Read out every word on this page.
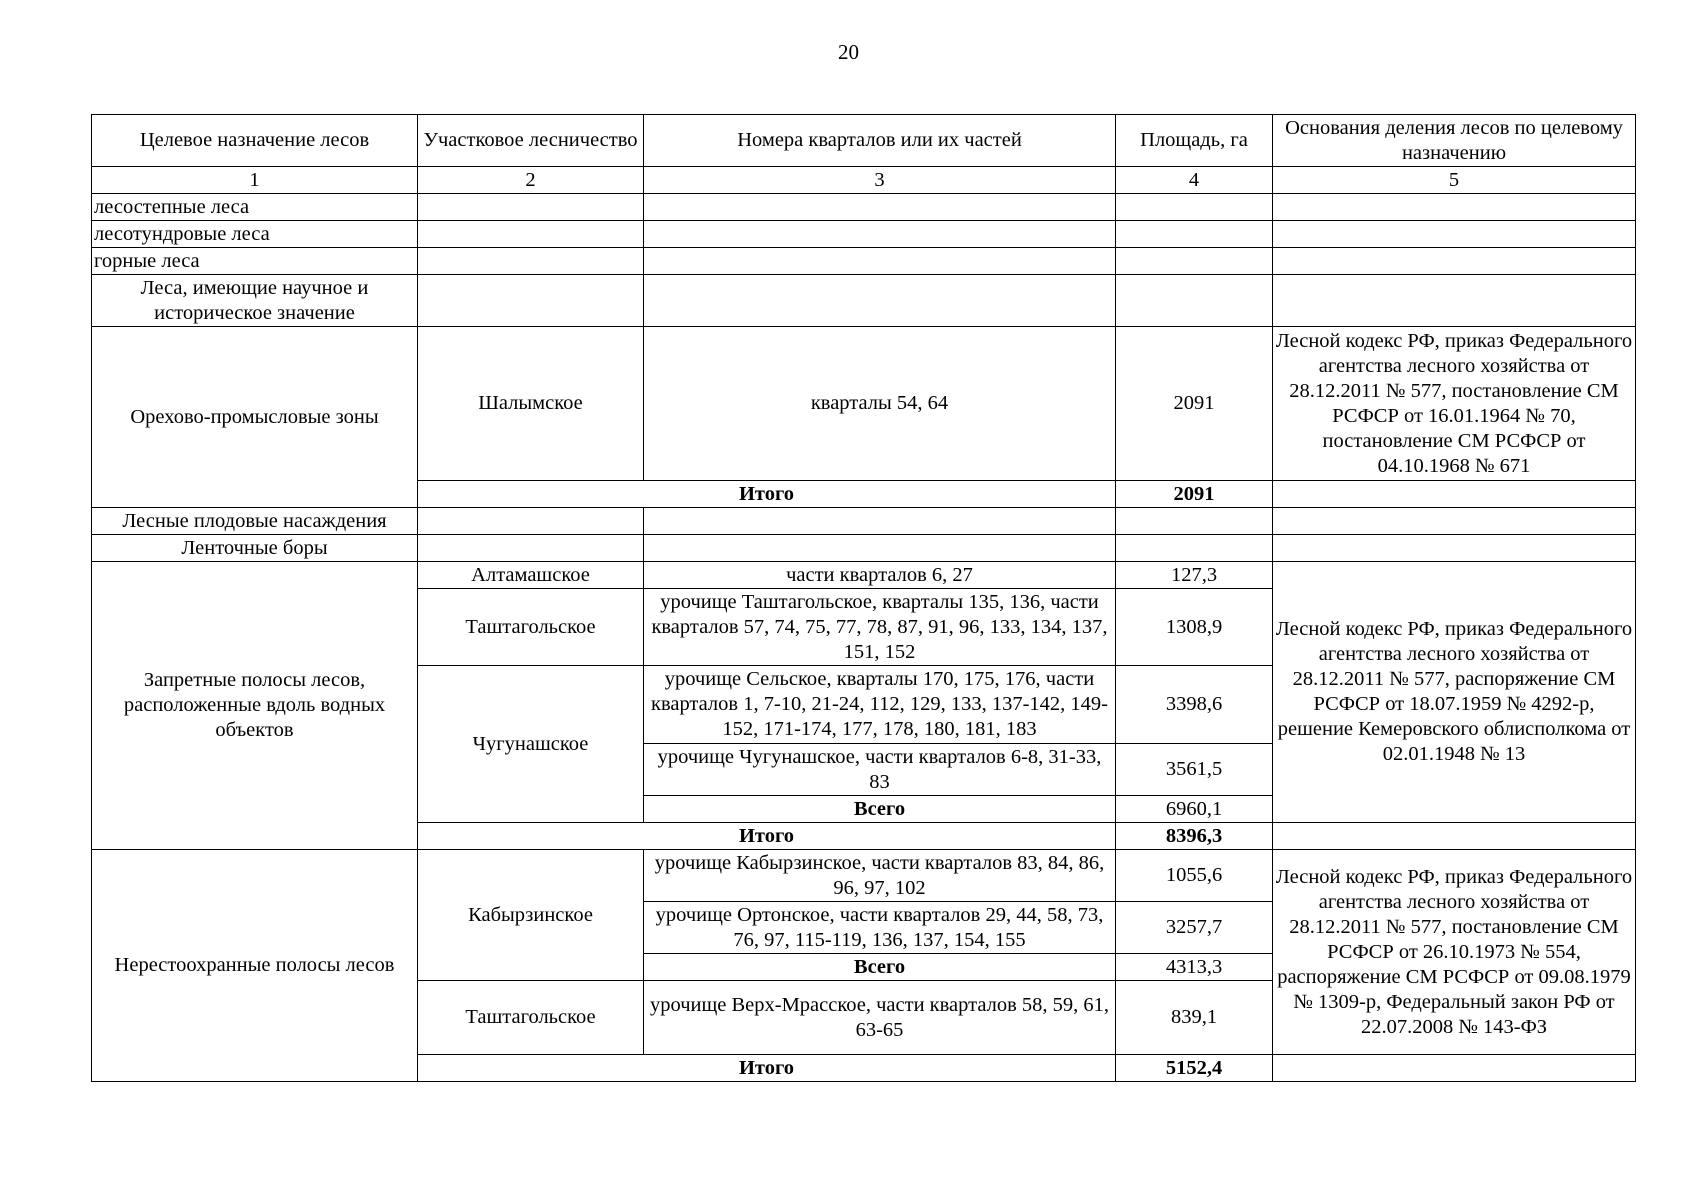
20
Целевое назначение лесов	Участковое лесничество	Номера кварталов или их частей	Площадь, га	Основания деления лесов по целевому назначению
1	2	3	4	5
лесостепные леса				
лесотундровые леса				
горные леса				
Леса, имеющие научное и историческое значение				
Орехово-промысловые зоны	Шалымское	кварталы 54, 64	2091	Лесной кодекс РФ, приказ Федерального агентства лесного хозяйства от 28.12.2011 № 577, постановление СМ РСФСР от 16.01.1964 № 70, постановление СМ РСФСР от 04.10.1968 № 671
	Итого		2091	
Лесные плодовые насаждения				
Ленточные боры				
Запретные полосы лесов, расположенные вдоль водных объектов	Алтамашское	части кварталов 6, 27	127,3	Лесной кодекс РФ, приказ Федерального агентства лесного хозяйства от 28.12.2011 № 577, распоряжение СМ РСФСР от 18.07.1959 № 4292-р, решение Кемеровского облисполкома от 02.01.1948 № 13
	Таштагольское	урочище Таштагольское, кварталы 135, 136, части кварталов 57, 74, 75, 77, 78, 87, 91, 96, 133, 134, 137, 151, 152	1308,9	
	Чугунашское	урочище Сельское, кварталы 170, 175, 176, части кварталов 1, 7-10, 21-24, 112, 129, 133, 137-142, 149-152, 171-174, 177, 178, 180, 181, 183	3398,6	
		урочище Чугунашское, части кварталов 6-8, 31-33, 83	3561,5	
		Всего	6960,1	
	Итого		8396,3	
Нерестоохранные полосы лесов	Кабырзинское	урочище Кабырзинское, части кварталов 83, 84, 86, 96, 97, 102	1055,6	Лесной кодекс РФ, приказ Федерального агентства лесного хозяйства от 28.12.2011 № 577, постановление СМ РСФСР от 26.10.1973 № 554, распоряжение СМ РСФСР от 09.08.1979 № 1309-р, Федеральный закон РФ от 22.07.2008 № 143-ФЗ
		урочище Ортонское, части кварталов 29, 44, 58, 73, 76, 97, 115-119, 136, 137, 154, 155	3257,7	
		Всего	4313,3	
	Таштагольское	урочище Верх-Мрасское, части кварталов 58, 59, 61, 63-65	839,1	
	Итого		5152,4	
